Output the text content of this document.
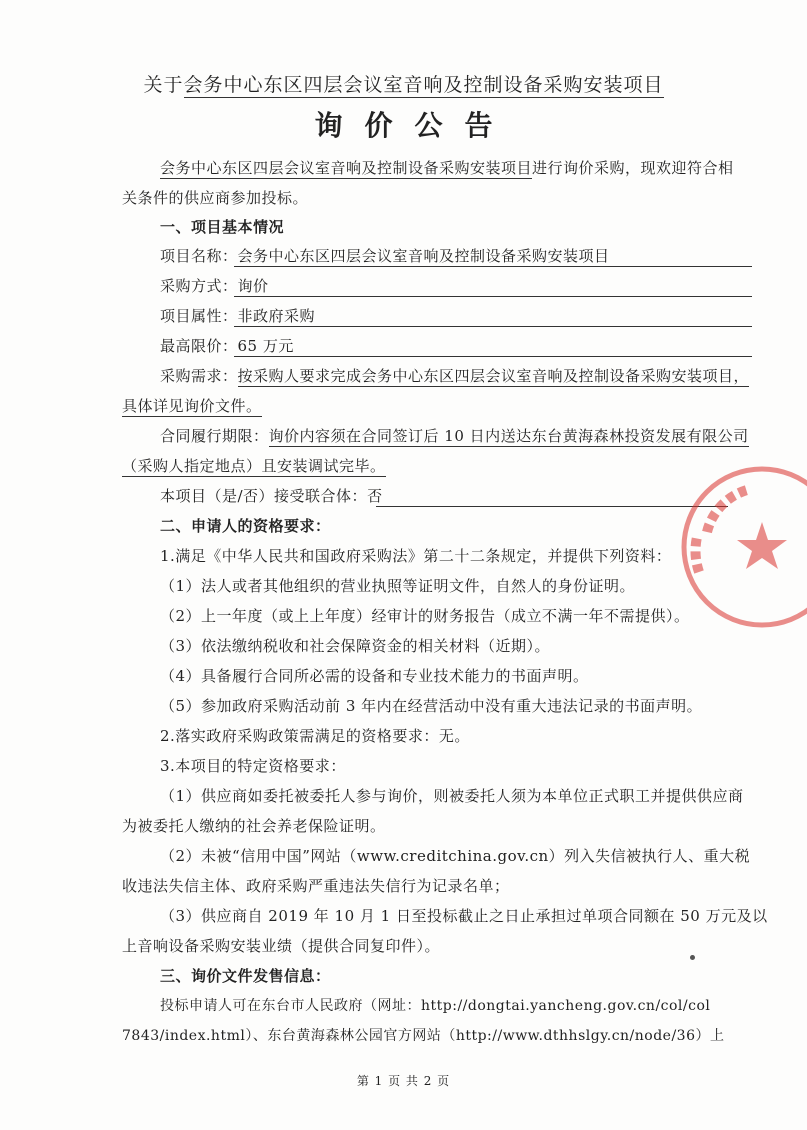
关于会务中心东区四层会议室音响及控制设备采购安装项目
询价公告
会务中心东区四层会议室音响及控制设备采购安装项目进行询价采购，现欢迎符合相
关条件的供应商参加投标。
一、项目基本情况
项目名称：会务中心东区四层会议室音响及控制设备采购安装项目
采购方式：询价
项目属性：非政府采购
最高限价：65 万元
采购需求：按采购人要求完成会务中心东区四层会议室音响及控制设备采购安装项目，
具体详见询价文件。
合同履行期限：询价内容须在合同签订后 10 日内送达东台黄海森林投资发展有限公司
（采购人指定地点）且安装调试完毕。
本项目（是/否）接受联合体：否
二、申请人的资格要求：
1.满足《中华人民共和国政府采购法》第二十二条规定，并提供下列资料：
（1）法人或者其他组织的营业执照等证明文件，自然人的身份证明。
（2）上一年度（或上上年度）经审计的财务报告（成立不满一年不需提供）。
（3）依法缴纳税收和社会保障资金的相关材料（近期）。
（4）具备履行合同所必需的设备和专业技术能力的书面声明。
（5）参加政府采购活动前 3 年内在经营活动中没有重大违法记录的书面声明。
2.落实政府采购政策需满足的资格要求：无。
3.本项目的特定资格要求：
（1）供应商如委托被委托人参与询价，则被委托人须为本单位正式职工并提供供应商
为被委托人缴纳的社会养老保险证明。
（2）未被“信用中国”网站（www.creditchina.gov.cn）列入失信被执行人、重大税
收违法失信主体、政府采购严重违法失信行为记录名单；
（3）供应商自 2019 年 10 月 1 日至投标截止之日止承担过单项合同额在 50 万元及以
上音响设备采购安装业绩（提供合同复印件）。
三、询价文件发售信息：
投标申请人可在东台市人民政府（网址：http://dongtai.yancheng.gov.cn/col/col
7843/index.html）、东台黄海森林公园官方网站（http://www.dthhslgy.cn/node/36）上
第 1 页 共 2 页
